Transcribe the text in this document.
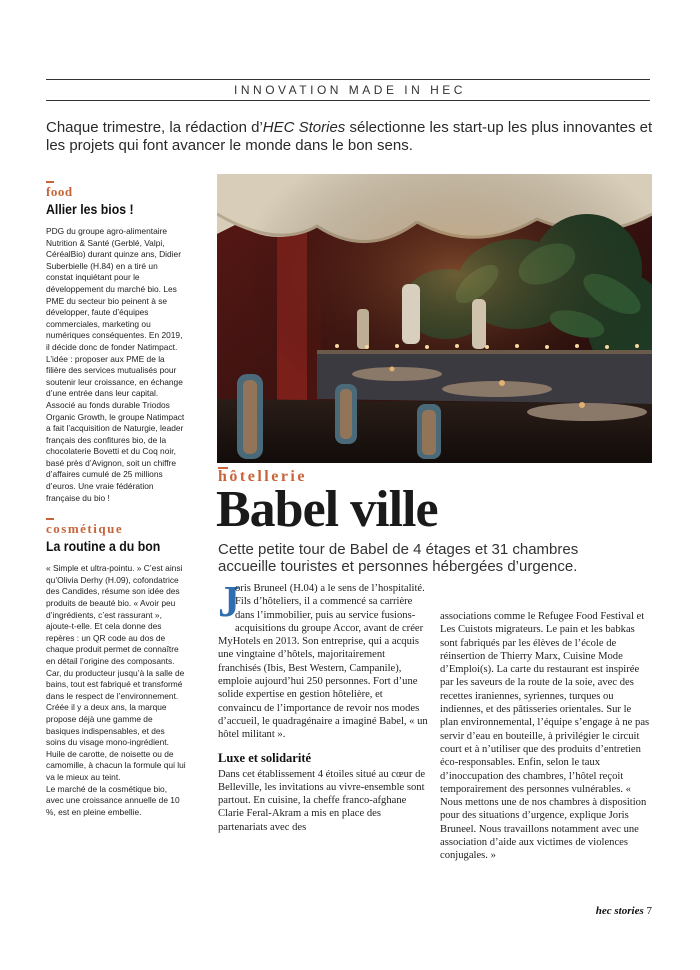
INNOVATION MADE IN HEC
Chaque trimestre, la rédaction d’HEC Stories sélectionne les start-up les plus innovantes et les projets qui font avancer le monde dans le bon sens.
food
Allier les bios !

PDG du groupe agro-alimentaire Nutrition & Santé (Gerblé, Valpi, CéréalBio) durant quinze ans, Didier Suberbielle (H.84) en a tiré un constat inquiétant pour le développement du marché bio. Les PME du secteur bio peinent à se développer, faute d’équipes commerciales, marketing ou numériques conséquentes. En 2019, il décide donc de fonder Natimpact. L’idée : proposer aux PME de la filière des services mutualisés pour soutenir leur croissance, en échange d’une entrée dans leur capital. Associé au fonds durable Triodos Organic Growth, le groupe Natimpact a fait l’acquisition de Naturgie, leader français des confitures bio, de la chocolaterie Bovetti et du Coq noir, basé près d’Avignon, soit un chiffre d’affaires cumulé de 25 millions d’euros. Une vraie fédération française du bio !

cosmétique
La routine a du bon

« Simple et ultra-pointu. » C’est ainsi qu’Olivia Derhy (H.09), cofondatrice des Candides, résume son idée des produits de beauté bio. « Avoir peu d’ingrédients, c’est rassurant », ajoute-t-elle. Et cela donne des repères : un QR code au dos de chaque produit permet de connaître en détail l’origine des composants. Car, du producteur jusqu’à la salle de bains, tout est fabriqué et transformé dans le respect de l’environnement. Créée il y a deux ans, la marque propose déjà une gamme de basiques indispensables, et des soins du visage mono-ingrédient. Huile de carotte, de noisette ou de camomille, à chacun la formule qui lui va le mieux au teint.

Le marché de la cosmétique bio, avec une croissance annuelle de 10 %, est en pleine embellie.

hôtellerie
Babel ville
Cette petite tour de Babel de 4 étages et 31 chambres accueille touristes et personnes hébergées d’urgence.

J
oris Bruneel (H.04) a le sens de l’hospitalité. Fils d’hôteliers, il a commencé sa carrière dans l’immobilier, puis au service fusions-acquisitions du groupe Accor, avant de créer MyHotels en 2013. Son entreprise, qui a acquis une vingtaine d’hôtels, majoritairement franchisés (Ibis, Best Western, Campanile), emploie aujourd’hui 250 personnes. Fort d’une solide expertise en gestion hôtelière, et convaincu de l’importance de revoir nos modes d’accueil, le quadragénaire a imaginé Babel, « un hôtel militant ».

Luxe et solidarité

Dans cet établissement 4 étoiles situé au cœur de Belleville, les invitations au vivre-ensemble sont partout. En cuisine, la cheffe franco-afghane Clarie Feral-Akram a mis en place des partenariats avec des

associations comme le Refugee Food Festival et Les Cuistots migrateurs. Le pain et les babkas sont fabriqués par les élèves de l’école de réinsertion de Thierry Marx, Cuisine Mode d’Emploi(s). La carte du restaurant est inspirée par les saveurs de la route de la soie, avec des recettes iraniennes, syriennes, turques ou indiennes, et des pâtisseries orientales. Sur le plan environnemental, l’équipe s’engage à ne pas servir d’eau en bouteille, à privilégier le circuit court et à n’utiliser que des produits d’entretien éco-responsables. Enfin, selon le taux d’inoccupation des chambres, l’hôtel reçoit temporairement des personnes vulnérables. « Nous mettons une de nos chambres à disposition pour des situations d’urgence, explique Joris Bruneel. Nous travaillons notamment avec une association d’aide aux victimes de violences conjugales. »

hec stories 7
